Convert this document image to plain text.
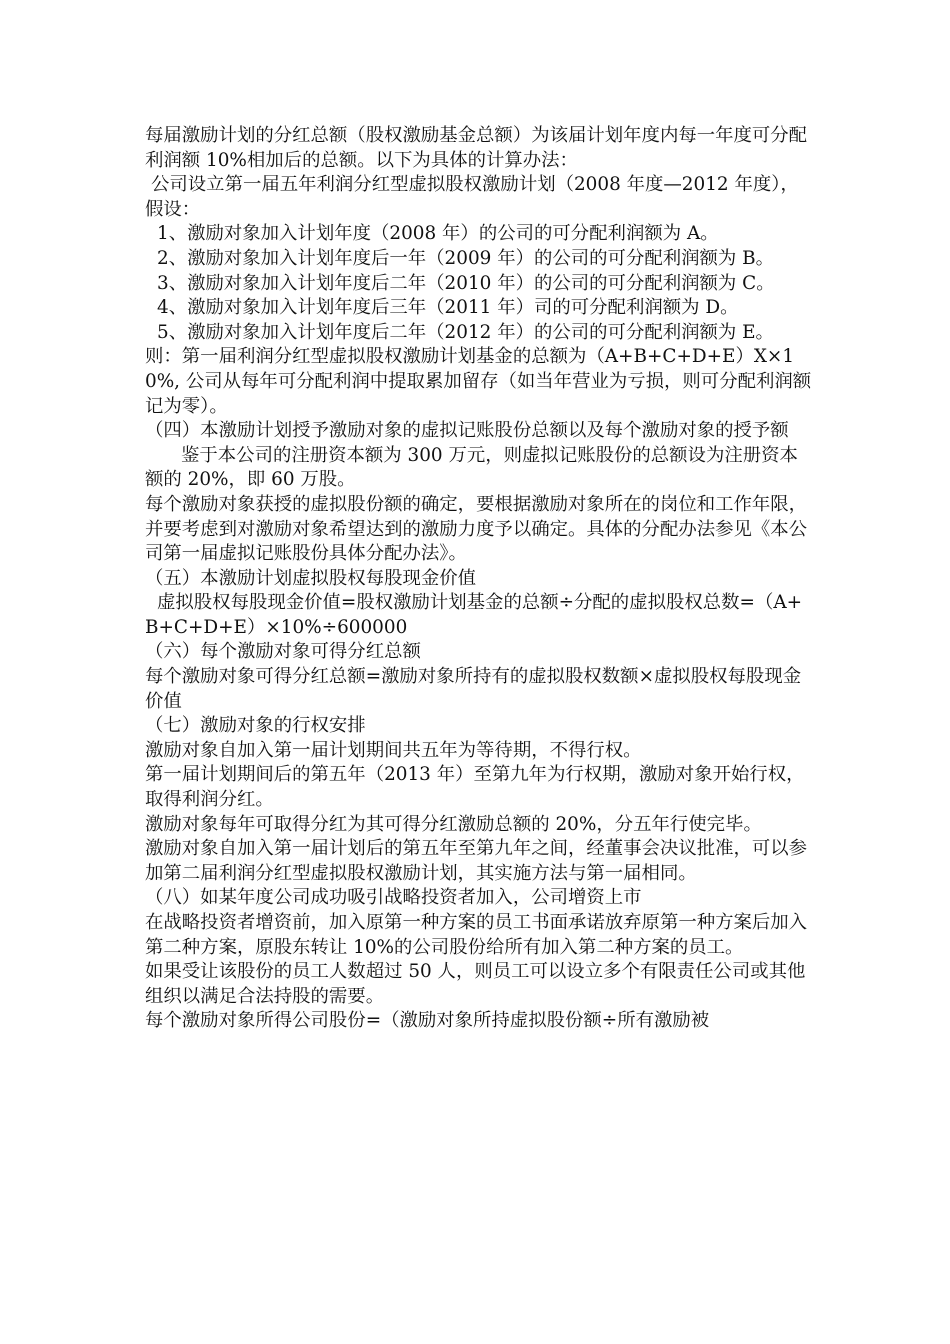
每届激励计划的分红总额（股权激励基金总额）为该届计划年度内每一年度可分配利润额 10%相加后的总额。以下为具体的计算办法：

公司设立第一届五年利润分红型虚拟股权激励计划（2008 年度—2012 年度），假设：

1、激励对象加入计划年度（2008 年）的公司的可分配利润额为 A。

2、激励对象加入计划年度后一年（2009 年）的公司的可分配利润额为 B。

3、激励对象加入计划年度后二年（2010 年）的公司的可分配利润额为 C。

4、激励对象加入计划年度后三年（2011 年）司的可分配利润额为 D。

5、激励对象加入计划年度后二年（2012 年）的公司的可分配利润额为 E。

则：第一届利润分红型虚拟股权激励计划基金的总额为（A+B+C+D+E）X×10%, 公司从每年可分配利润中提取累加留存（如当年营业为亏损，则可分配利润额记为零）。

（四）本激励计划授予激励对象的虚拟记账股份总额以及每个激励对象的授予额

鉴于本公司的注册资本额为 300 万元，则虚拟记账股份的总额设为注册资本额的 20%，即 60 万股。

每个激励对象获授的虚拟股份额的确定，要根据激励对象所在的岗位和工作年限，并要考虑到对激励对象希望达到的激励力度予以确定。具体的分配办法参见《本公司第一届虚拟记账股份具体分配办法》。

（五）本激励计划虚拟股权每股现金价值

虚拟股权每股现金价值=股权激励计划基金的总额÷分配的虚拟股权总数=（A+B+C+D+E）×10%÷600000

（六）每个激励对象可得分红总额

每个激励对象可得分红总额=激励对象所持有的虚拟股权数额×虚拟股权每股现金价值

（七）激励对象的行权安排

激励对象自加入第一届计划期间共五年为等待期，不得行权。

第一届计划期间后的第五年（2013 年）至第九年为行权期，激励对象开始行权，取得利润分红。

激励对象每年可取得分红为其可得分红激励总额的 20%，分五年行使完毕。

激励对象自加入第一届计划后的第五年至第九年之间，经董事会决议批准，可以参加第二届利润分红型虚拟股权激励计划，其实施方法与第一届相同。

（八）如某年度公司成功吸引战略投资者加入，公司增资上市

在战略投资者增资前，加入原第一种方案的员工书面承诺放弃原第一种方案后加入第二种方案，原股东转让 10%的公司股份给所有加入第二种方案的员工。

如果受让该股份的员工人数超过 50 人，则员工可以设立多个有限责任公司或其他组织以满足合法持股的需要。

每个激励对象所得公司股份=（激励对象所持虚拟股份额÷所有激励被
